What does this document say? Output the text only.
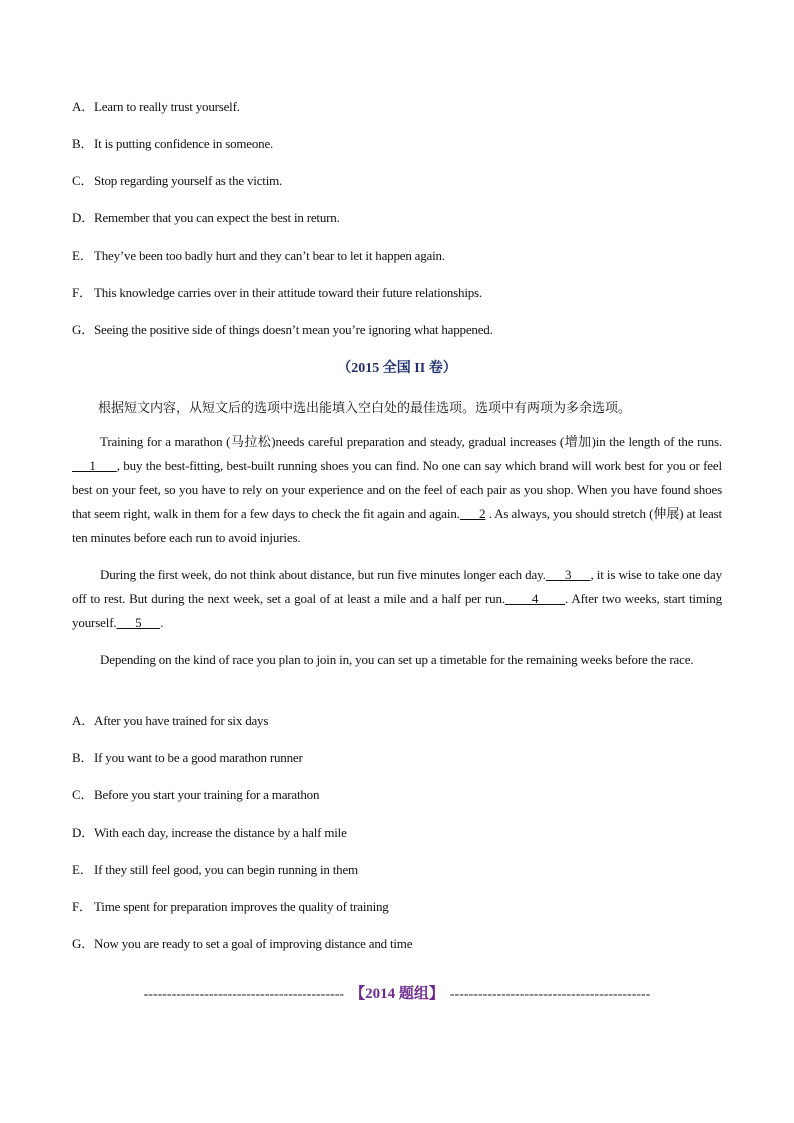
A．Learn to really trust yourself.
B．It is putting confidence in someone.
C．Stop regarding yourself as the victim.
D．Remember that you can expect the best in return.
E．They’ve been too badly hurt and they can’t bear to let it happen again.
F． This knowledge carries over in their attitude toward their future relationships.
G．Seeing the positive side of things doesn’t mean you’re ignoring what happened.
（2015 全国 II 卷）
根据短文内容，从短文后的选项中选出能填入空白处的最佳选项。选项中有两项为多余选项。
Training for a marathon (马拉松)needs careful preparation and steady, gradual increases (增加)in the length of the runs.      1      , buy the best-fitting, best-built running shoes you can find. No one can say which brand will work best for you or feel best on your feet, so you have to rely on your experience and on the feel of each pair as you shop. When you have found shoes that seem right, walk in them for a few days to check the fit again and again.      2 . As always, you should stretch (伸展) at least ten minutes before each run to avoid injuries.
During the first week, do not think about distance, but run five minutes longer each day.      3      , it is wise to take one day off to rest. But during the next week, set a goal of at least a mile and a half per run.       4       . After two weeks, start timing yourself.      5      .
Depending on the kind of race you plan to join in, you can set up a timetable for the remaining weeks before the race.
A．After you have trained for six days
B．If you want to be a good marathon runner
C．Before you start your training for a marathon
D．With each day, increase the distance by a half mile
E．If they still feel good, you can begin running in them
F． Time spent for preparation improves the quality of training
G．Now you are ready to set a goal of improving distance and time
------------------------------------------- 【2014 题组】 -------------------------------------------
